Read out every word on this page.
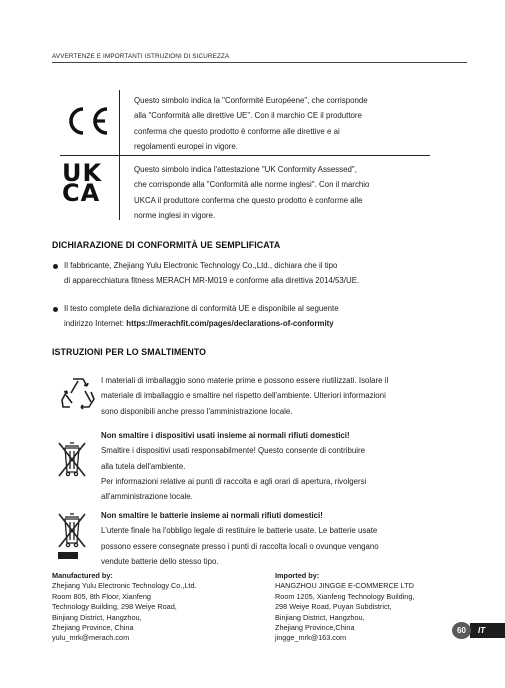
AVVERTENZE E IMPORTANTI ISTRUZIONI DI SICUREZZA
Questo simbolo indica la "Conformité Européene", che corrisponde
alla "Conformità alle direttive UE". Con il marchio CE il produttore
conferma che questo prodotto è conforme alle direttive e ai
regolamenti europei in vigore.
UK
CA
Questo simbolo indica l'attestazione "UK Conformity Assessed",
che corrisponde alla "Conformità alle norme inglesi". Con il marchio
UKCA il produttore conferma che questo prodotto è conforme alle
norme inglesi in vigore.
DICHIARAZIONE DI CONFORMITÀ UE SEMPLIFICATA
Il fabbricante, Zhejiang Yulu Electronic Technology Co.,Ltd., dichiara che il tipo
di apparecchiatura fitness MERACH MR-M019 e conforme alla direttiva 2014/53/UE.
Il testo complete della dichiarazione di conformità UE e disponibile al seguente
indirizzo Internet: https://merachfit.com/pages/declarations-of-conformity
ISTRUZIONI PER LO SMALTIMENTO
I materiali di imballaggio sono materie prime e possono essere riutilizzati. Isolare il
materiale di imballaggio e smaltire nel rispetto dell'ambiente. Ulteriori informazioni
sono disponibili anche presso l'amministrazione locale.
Non smaltire i dispositivi usati insieme ai normali rifiuti domestici!
Smaltire i dispositivi usati responsabilmente! Questo consente di contribuire
alla tutela dell'ambiente.
Per informazioni relative ai punti di raccolta e agli orari di apertura, rivolgersi
all'amministrazione locale.
Non smaltire le batterie insieme ai normali rifiuti domestici!
L'utente finale ha l'obbligo legale di restituire le batterie usate. Le batterie usate
possono essere consegnate presso i punti di raccolta locali o ovunque vengano
vendute batterie dello stesso tipo.
Manufactured by:
Zhejiang Yulu Electronic Technology Co.,Ltd.
Room 805, 8th Floor, Xianfeng
Technology Building, 298 Weiye Road,
Binjiang District, Hangzhou,
Zhejiang Province, China
yulu_mrk@merach.com
Imported by:
HANGZHOU JINGGE E-COMMERCE LTD
Room 1205, Xianfeng Technology Building,
298 Weiye Road, Puyan Subdistrict,
Binjiang District, Hangzhou,
Zhejiang Province,China
jingge_mrk@163.com
IT
60
